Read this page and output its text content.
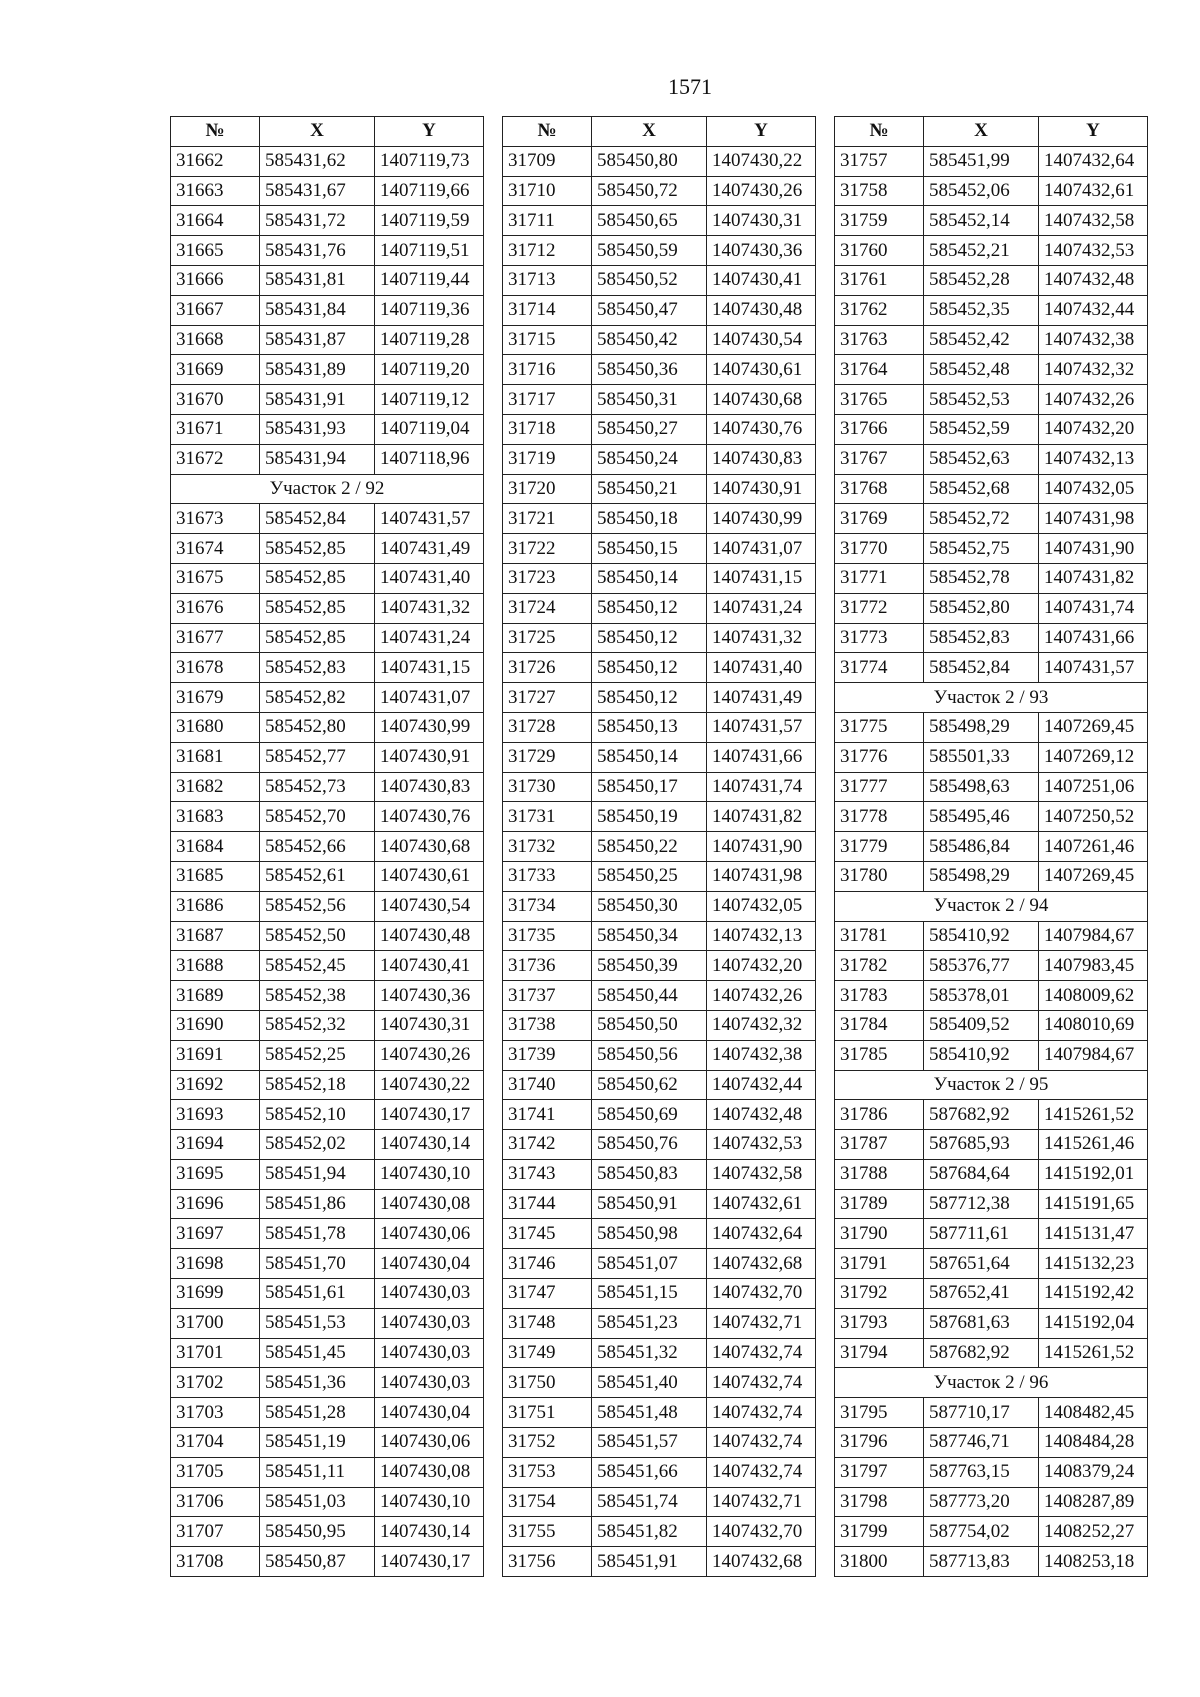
1571
№	X	Y
31662	585431,62	1407119,73
31663	585431,67	1407119,66
31664	585431,72	1407119,59
31665	585431,76	1407119,51
31666	585431,81	1407119,44
31667	585431,84	1407119,36
31668	585431,87	1407119,28
31669	585431,89	1407119,20
31670	585431,91	1407119,12
31671	585431,93	1407119,04
31672	585431,94	1407118,96
Участок 2 / 92		
31673	585452,84	1407431,57
31674	585452,85	1407431,49
31675	585452,85	1407431,40
31676	585452,85	1407431,32
31677	585452,85	1407431,24
31678	585452,83	1407431,15
31679	585452,82	1407431,07
31680	585452,80	1407430,99
31681	585452,77	1407430,91
31682	585452,73	1407430,83
31683	585452,70	1407430,76
31684	585452,66	1407430,68
31685	585452,61	1407430,61
31686	585452,56	1407430,54
31687	585452,50	1407430,48
31688	585452,45	1407430,41
31689	585452,38	1407430,36
31690	585452,32	1407430,31
31691	585452,25	1407430,26
31692	585452,18	1407430,22
31693	585452,10	1407430,17
31694	585452,02	1407430,14
31695	585451,94	1407430,10
31696	585451,86	1407430,08
31697	585451,78	1407430,06
31698	585451,70	1407430,04
31699	585451,61	1407430,03
31700	585451,53	1407430,03
31701	585451,45	1407430,03
31702	585451,36	1407430,03
31703	585451,28	1407430,04
31704	585451,19	1407430,06
31705	585451,11	1407430,08
31706	585451,03	1407430,10
31707	585450,95	1407430,14
31708	585450,87	1407430,17
№	X	Y
31709	585450,80	1407430,22
31710	585450,72	1407430,26
31711	585450,65	1407430,31
31712	585450,59	1407430,36
31713	585450,52	1407430,41
31714	585450,47	1407430,48
31715	585450,42	1407430,54
31716	585450,36	1407430,61
31717	585450,31	1407430,68
31718	585450,27	1407430,76
31719	585450,24	1407430,83
31720	585450,21	1407430,91
31721	585450,18	1407430,99
31722	585450,15	1407431,07
31723	585450,14	1407431,15
31724	585450,12	1407431,24
31725	585450,12	1407431,32
31726	585450,12	1407431,40
31727	585450,12	1407431,49
31728	585450,13	1407431,57
31729	585450,14	1407431,66
31730	585450,17	1407431,74
31731	585450,19	1407431,82
31732	585450,22	1407431,90
31733	585450,25	1407431,98
31734	585450,30	1407432,05
31735	585450,34	1407432,13
31736	585450,39	1407432,20
31737	585450,44	1407432,26
31738	585450,50	1407432,32
31739	585450,56	1407432,38
31740	585450,62	1407432,44
31741	585450,69	1407432,48
31742	585450,76	1407432,53
31743	585450,83	1407432,58
31744	585450,91	1407432,61
31745	585450,98	1407432,64
31746	585451,07	1407432,68
31747	585451,15	1407432,70
31748	585451,23	1407432,71
31749	585451,32	1407432,74
31750	585451,40	1407432,74
31751	585451,48	1407432,74
31752	585451,57	1407432,74
31753	585451,66	1407432,74
31754	585451,74	1407432,71
31755	585451,82	1407432,70
31756	585451,91	1407432,68
№	X	Y
31757	585451,99	1407432,64
31758	585452,06	1407432,61
31759	585452,14	1407432,58
31760	585452,21	1407432,53
31761	585452,28	1407432,48
31762	585452,35	1407432,44
31763	585452,42	1407432,38
31764	585452,48	1407432,32
31765	585452,53	1407432,26
31766	585452,59	1407432,20
31767	585452,63	1407432,13
31768	585452,68	1407432,05
31769	585452,72	1407431,98
31770	585452,75	1407431,90
31771	585452,78	1407431,82
31772	585452,80	1407431,74
31773	585452,83	1407431,66
31774	585452,84	1407431,57
Участок 2 / 93		
31775	585498,29	1407269,45
31776	585501,33	1407269,12
31777	585498,63	1407251,06
31778	585495,46	1407250,52
31779	585486,84	1407261,46
31780	585498,29	1407269,45
Участок 2 / 94		
31781	585410,92	1407984,67
31782	585376,77	1407983,45
31783	585378,01	1408009,62
31784	585409,52	1408010,69
31785	585410,92	1407984,67
Участок 2 / 95		
31786	587682,92	1415261,52
31787	587685,93	1415261,46
31788	587684,64	1415192,01
31789	587712,38	1415191,65
31790	587711,61	1415131,47
31791	587651,64	1415132,23
31792	587652,41	1415192,42
31793	587681,63	1415192,04
31794	587682,92	1415261,52
Участок 2 / 96		
31795	587710,17	1408482,45
31796	587746,71	1408484,28
31797	587763,15	1408379,24
31798	587773,20	1408287,89
31799	587754,02	1408252,27
31800	587713,83	1408253,18
